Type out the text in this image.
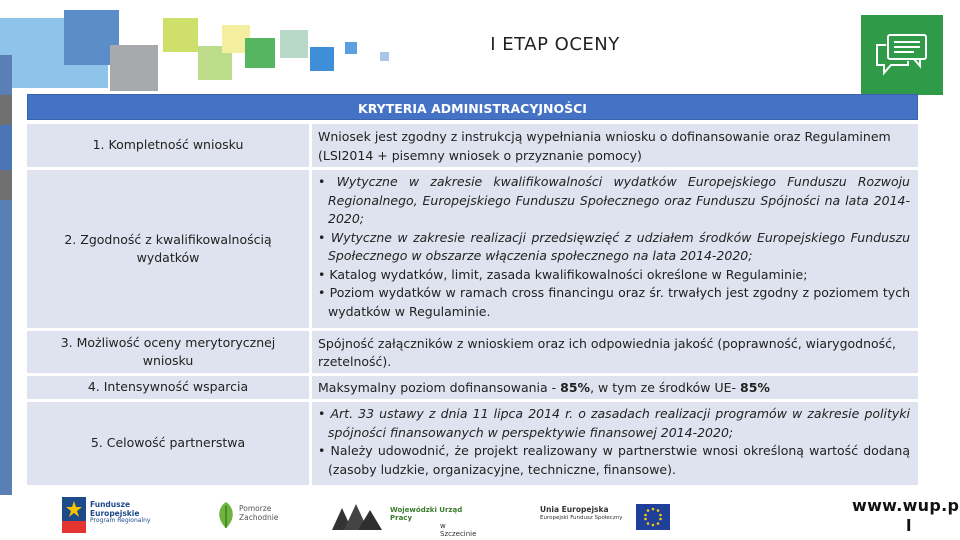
I ETAP OCENY
KRYTERIA ADMINISTRACYJNOŚCI
1. Kompletność wniosku
Wniosek jest zgodny z instrukcją wypełniania wniosku o dofinansowanie oraz Regulaminem (LSI2014 + pisemny wniosek o przyznanie pomocy)
2. Zgodność z kwalifikowalnością wydatków
• Wytyczne w zakresie kwalifikowalności wydatków Europejskiego Funduszu Rozwoju Regionalnego, Europejskiego Funduszu Społecznego oraz Funduszu Spójności na lata 2014-2020;
• Wytyczne w zakresie realizacji przedsięwzięć z udziałem środków Europejskiego Funduszu Społecznego w obszarze włączenia społecznego na lata 2014-2020;
• Katalog wydatków, limit, zasada kwalifikowalności określone w Regulaminie;
• Poziom wydatków w ramach cross financingu oraz śr. trwałych jest zgodny z poziomem tych wydatków w Regulaminie.
3. Możliwość oceny merytorycznej wniosku
Spójność załączników z wnioskiem oraz ich odpowiednia jakość (poprawność, wiarygodność, rzetelność).
4. Intensywność wsparcia	Maksymalny poziom dofinansowania - 85%, w tym ze środków UE- 85%
5. Celowość partnerstwa
• Art. 33 ustawy z dnia 11 lipca 2014 r. o zasadach realizacji programów w zakresie polityki spójności finansowanych w perspektywie finansowej 2014-2020;
• Należy udowodnić, że projekt realizowany w partnerstwie wnosi określoną wartość dodaną (zasoby ludzkie, organizacyjne, techniczne, finansowe).
Fundusze
Europejskie
Program Regionalny
Pomorze
Zachodnie
Wojewódzki Urząd Pracy
w Szczecinie
Unia Europejska
Europejski Fundusz Społeczny
www.wup.p
l
